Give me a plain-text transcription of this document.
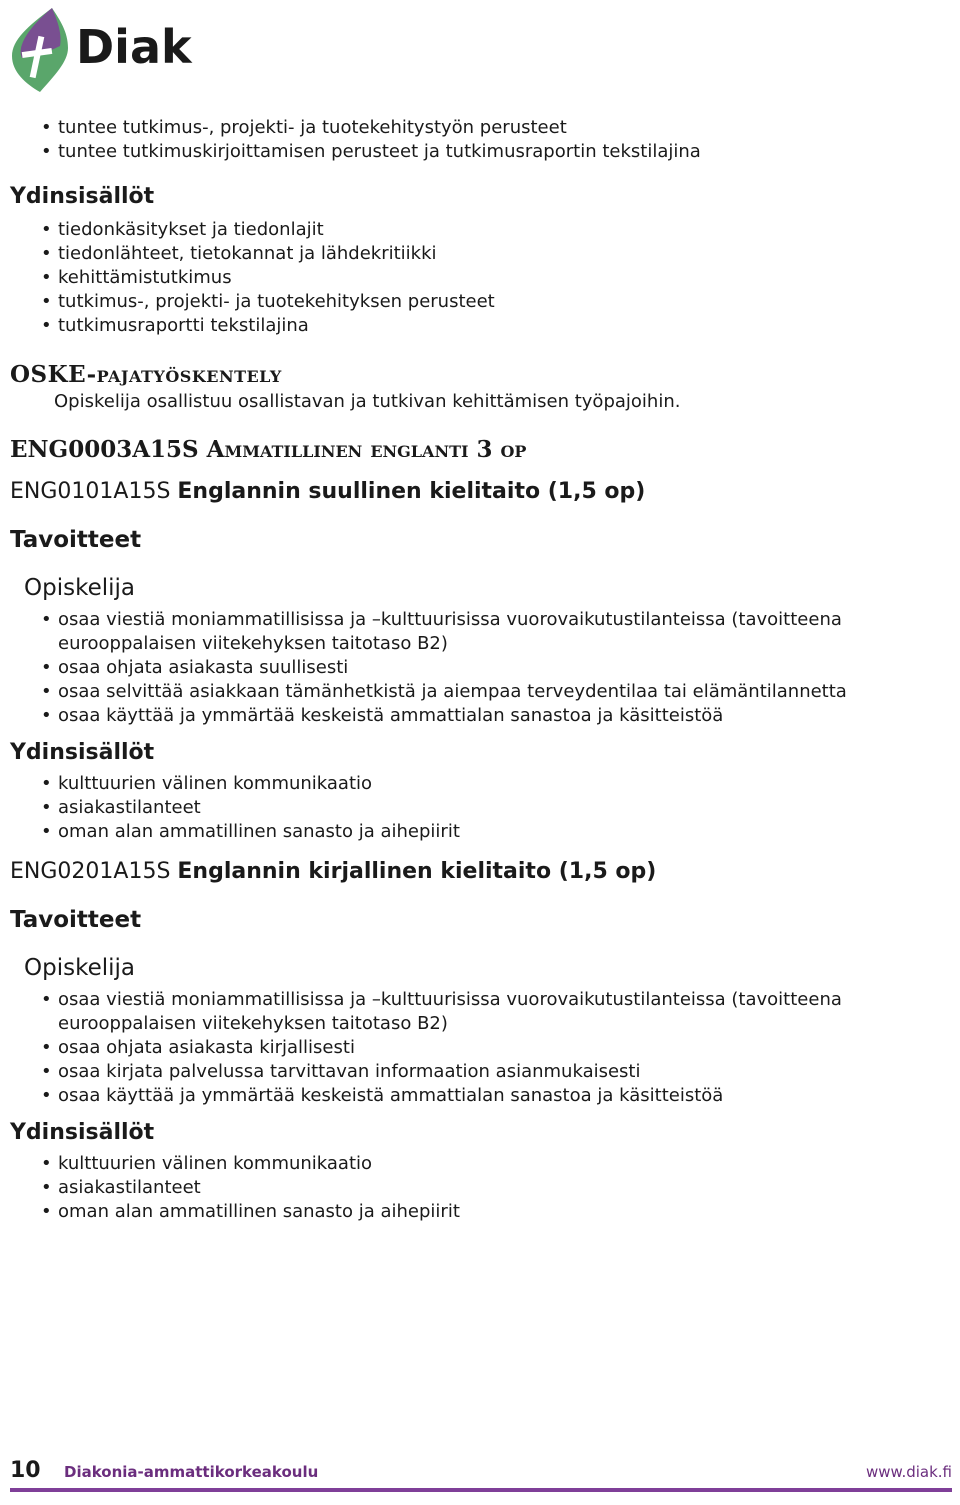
Diak
• tuntee tutkimus-, projekti- ja tuotekehitystyön perusteet
• tuntee tutkimuskirjoittamisen perusteet ja tutkimusraportin tekstilajina
Ydinsisällöt
• tiedonkäsitykset ja tiedonlajit
• tiedonlähteet, tietokannat ja lähdekritiikki
• kehittämistutkimus
• tutkimus-, projekti- ja tuotekehityksen perusteet
• tutkimusraportti tekstilajina
OSKE-pajatyöskentely
Opiskelija osallistuu osallistavan ja tutkivan kehittämisen työpajoihin.
ENG0003A15S Ammatillinen englanti 3 op
ENG0101A15S Englannin suullinen kielitaito (1,5 op)
Tavoitteet
Opiskelija
• osaa viestiä moniammatillisissa ja –kulttuurisissa vuorovaikutustilanteissa (tavoitteena eurooppalaisen viitekehyksen taitotaso B2)
• osaa ohjata asiakasta suullisesti
• osaa selvittää asiakkaan tämänhetkistä ja aiempaa terveydentilaa tai elämäntilannetta
• osaa käyttää ja ymmärtää keskeistä ammattialan sanastoa ja käsitteistöä
Ydinsisällöt
• kulttuurien välinen kommunikaatio
• asiakastilanteet
• oman alan ammatillinen sanasto ja aihepiirit
ENG0201A15S Englannin kirjallinen kielitaito (1,5 op)
Tavoitteet
Opiskelija
• osaa viestiä moniammatillisissa ja –kulttuurisissa vuorovaikutustilanteissa (tavoitteena eurooppalaisen viitekehyksen taitotaso B2)
• osaa ohjata asiakasta kirjallisesti
• osaa kirjata palvelussa tarvittavan informaation asianmukaisesti
• osaa käyttää ja ymmärtää keskeistä ammattialan sanastoa ja käsitteistöä
Ydinsisällöt
• kulttuurien välinen kommunikaatio
• asiakastilanteet
• oman alan ammatillinen sanasto ja aihepiirit
10 Diakonia-ammattikorkeakoulu	www.diak.fi
